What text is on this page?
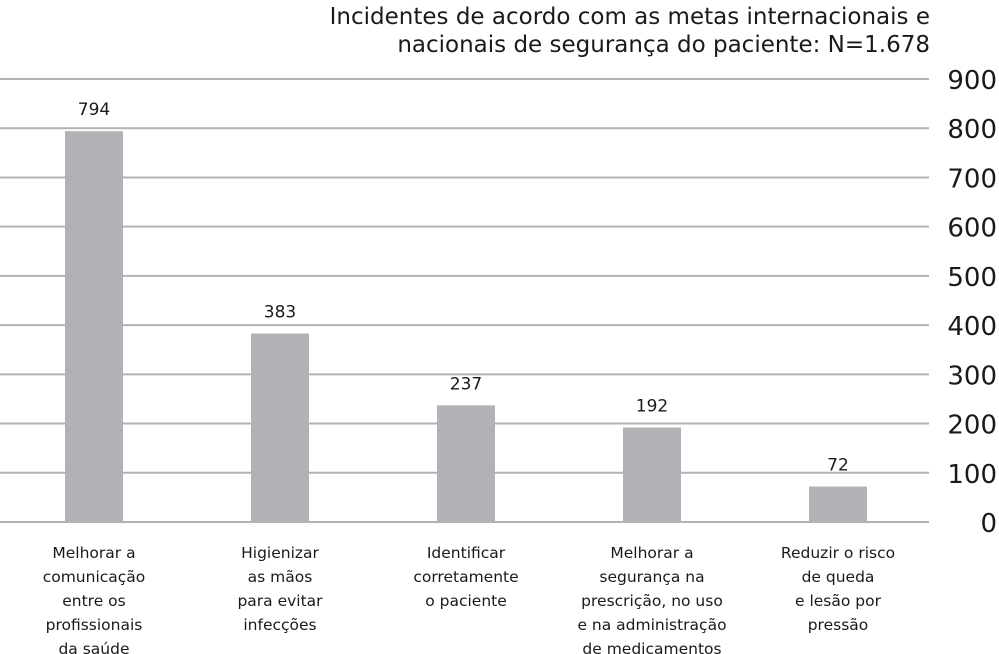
Incidentes de acordo com as metas internacionais e
nacionais de segurança do paciente: N=1.678
0
100
200
300
400
500
600
700
800
900
794
383
237
192
72
Melhorar a
comunicação
entre os
profissionais
da saúde
Higienizar
as mãos
para evitar
infecções
Identificar
corretamente
o paciente
Melhorar a
segurança na
prescrição, no uso
e na administração
de medicamentos
Reduzir o risco
de queda
e lesão por
pressão
